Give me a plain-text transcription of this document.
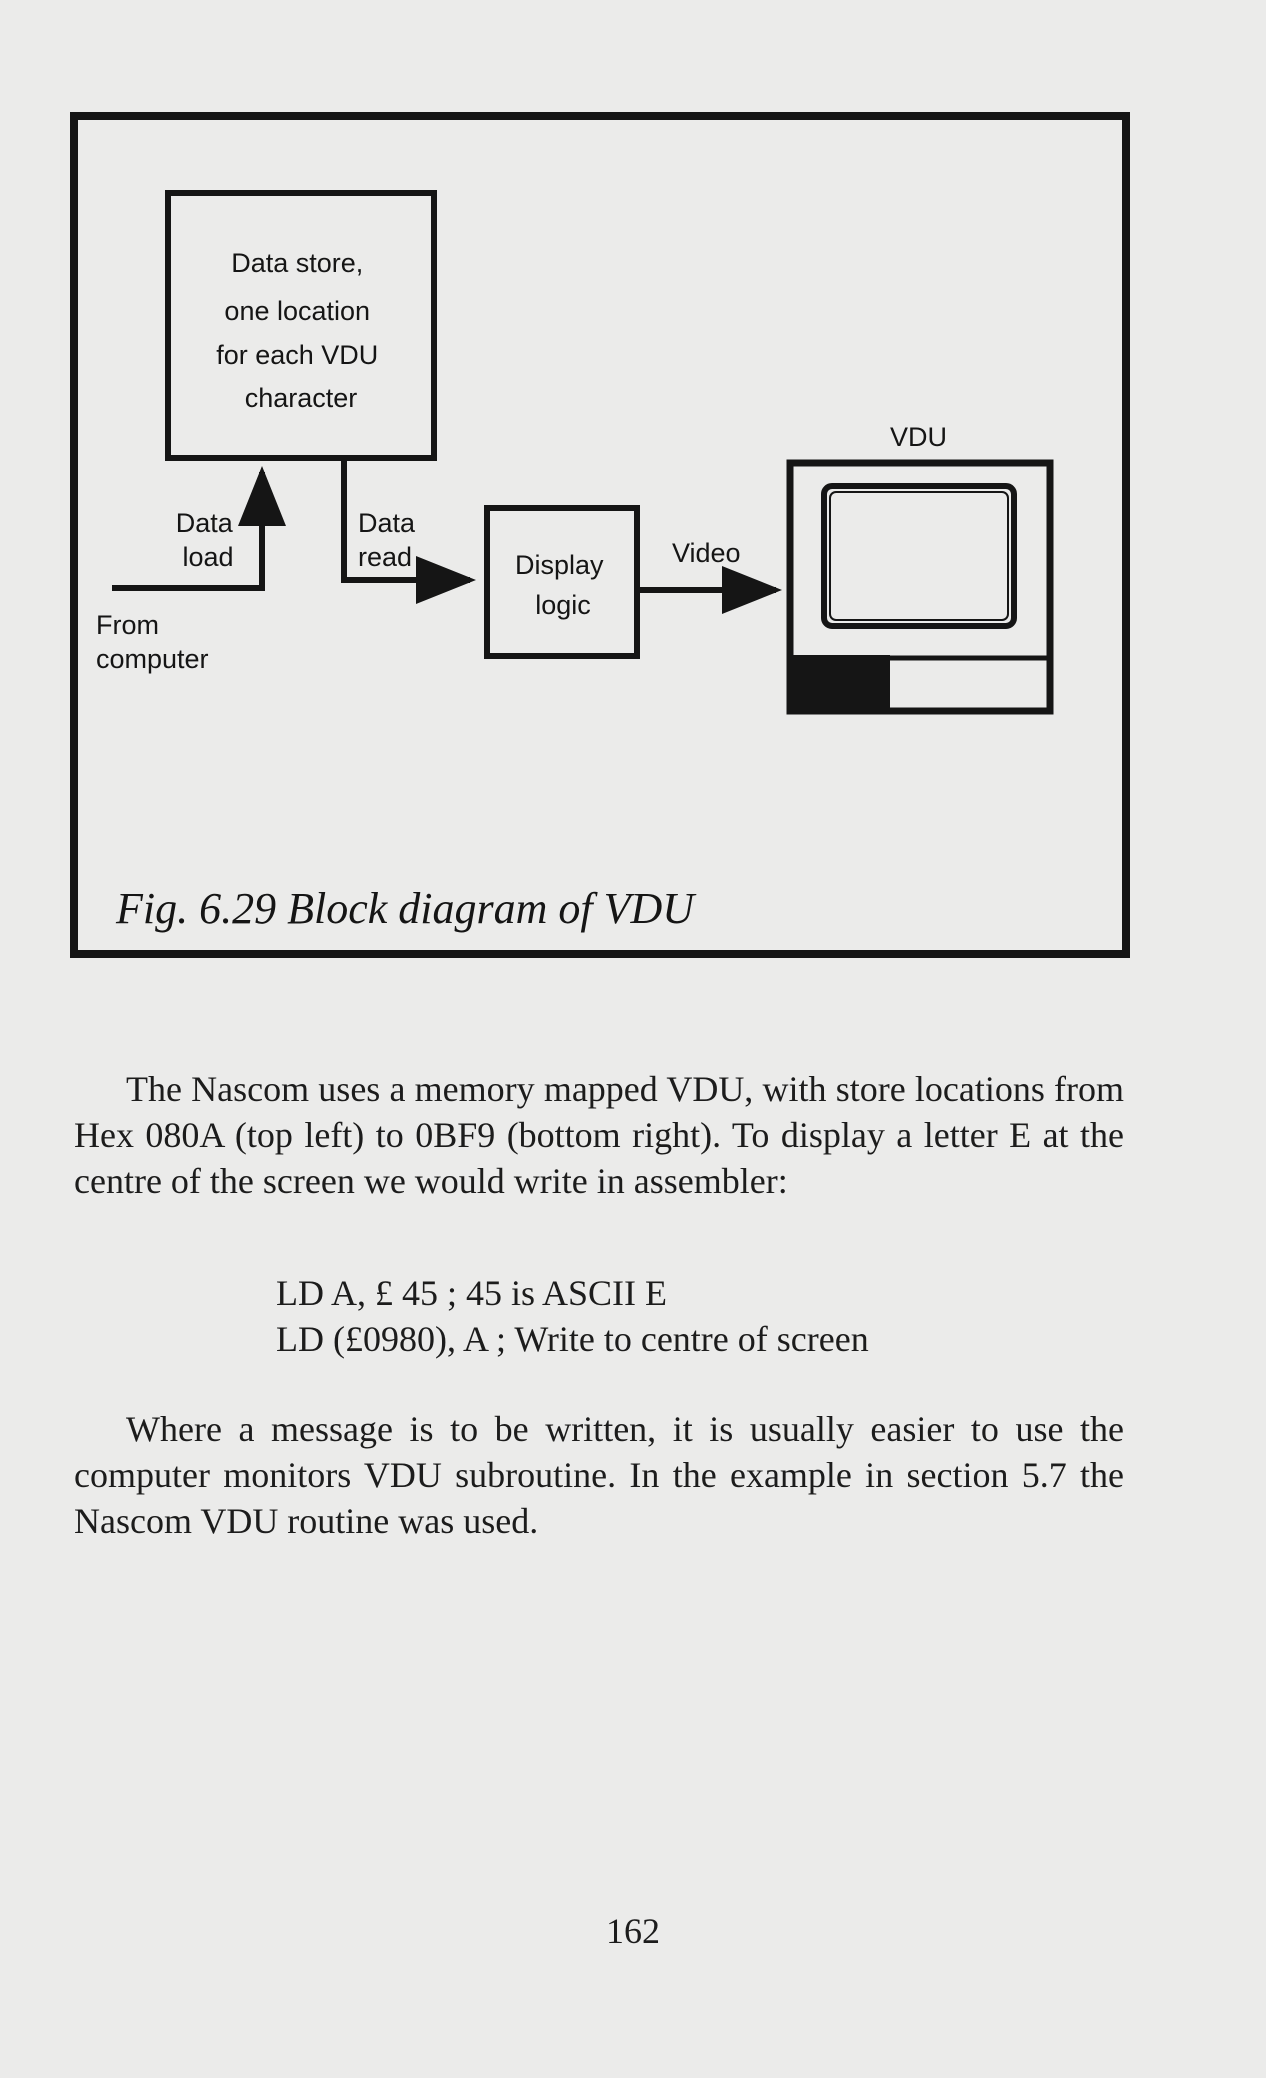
Data store, one location for each VDU character
Data load
From computer
Data read	Display logic
Video
VDU
Fig. 6.29 Block diagram of VDU

The Nascom uses a memory mapped VDU, with store locations from Hex 080A (top left) to 0BF9 (bottom right). To display a letter E at the centre of the screen we would write in assembler:

LD A, £ 45 ; 45 is ASCII E
LD (£0980), A ; Write to centre of screen

Where a message is to be written, it is usually easier to use the computer monitors VDU subroutine. In the example in section 5.7 the Nascom VDU routine was used.

162
